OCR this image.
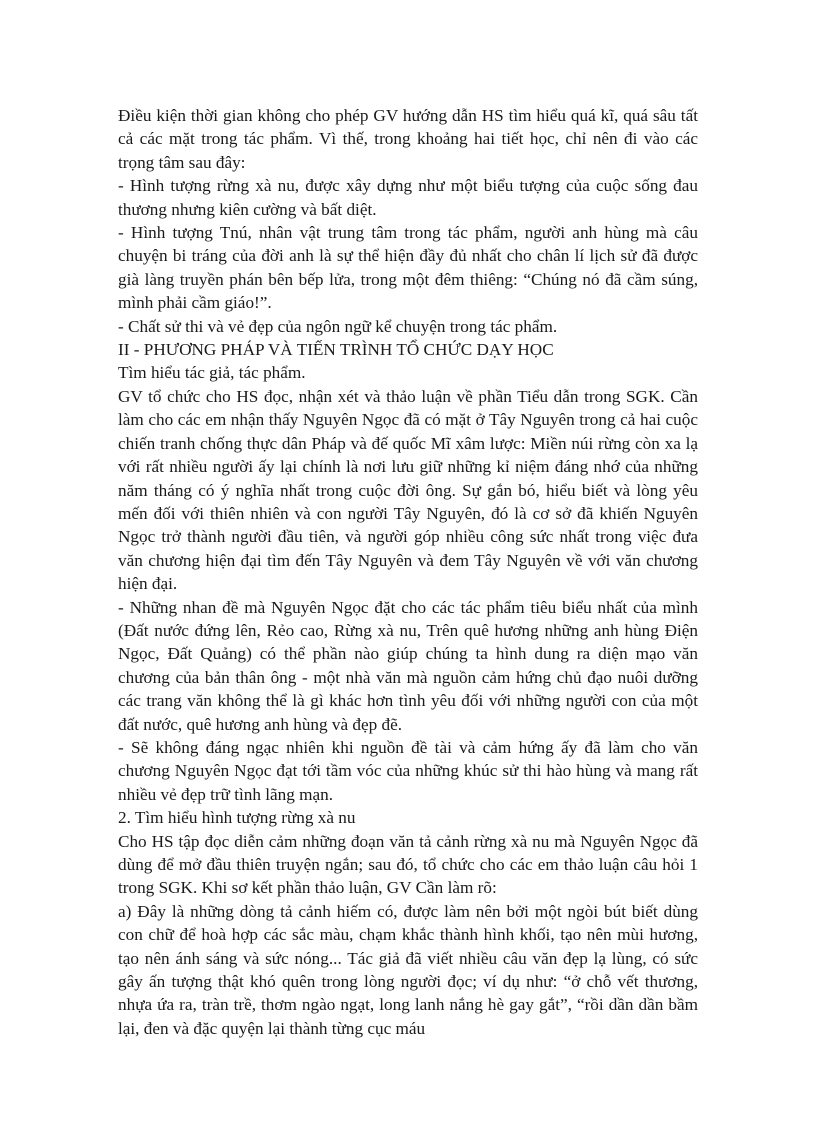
Điều kiện thời gian không cho phép GV hướng dẫn HS tìm hiểu quá kĩ, quá sâu tất cả các mặt trong tác phẩm. Vì thế, trong khoảng hai tiết học, chỉ nên đi vào các trọng tâm sau đây:

- Hình tượng rừng xà nu, được xây dựng như một biểu tượng của cuộc sống đau thương nhưng kiên cường và bất diệt.

- Hình tượng Tnú, nhân vật trung tâm trong tác phẩm, người anh hùng mà câu chuyện bi tráng của đời anh là sự thể hiện đầy đủ nhất cho chân lí lịch sử đã được già làng truyền phán bên bếp lửa, trong một đêm thiêng: “Chúng nó đã cầm súng, mình phải cầm giáo!”.

- Chất sử thi và vẻ đẹp của ngôn ngữ kể chuyện trong tác phẩm.

II - PHƯƠNG PHÁP VÀ TIẾN TRÌNH TỔ CHỨC DẠY HỌC

Tìm hiểu tác giả, tác phẩm.

GV tổ chức cho HS đọc, nhận xét và thảo luận về phần Tiểu dẫn trong SGK. Cần làm cho các em nhận thấy Nguyên Ngọc đã có mặt ở Tây Nguyên trong cả hai cuộc chiến tranh chống thực dân Pháp và đế quốc Mĩ xâm lược: Miền núi rừng còn xa lạ với rất nhiều người ấy lại chính là nơi lưu giữ những kỉ niệm đáng nhớ của những năm tháng có ý nghĩa nhất trong cuộc đời ông. Sự gắn bó, hiểu biết và lòng yêu mến đối với thiên nhiên và con người Tây Nguyên, đó là cơ sở đã khiến Nguyên Ngọc trở thành người đầu tiên, và người góp nhiều công sức nhất trong việc đưa văn chương hiện đại tìm đến Tây Nguyên và đem Tây Nguyên về với văn chương hiện đại.

- Những nhan đề mà Nguyên Ngọc đặt cho các tác phẩm tiêu biểu nhất của mình (Đất nước đứng lên, Rẻo cao, Rừng xà nu, Trên quê hương những anh hùng Điện Ngọc, Đất Quảng) có thể phần nào giúp chúng ta hình dung ra diện mạo văn chương của bản thân ông - một nhà văn mà nguồn cảm hứng chủ đạo nuôi dưỡng các trang văn không thể là gì khác hơn tình yêu đối với những người con của một đất nước, quê hương anh hùng và đẹp đẽ.

- Sẽ không đáng ngạc nhiên khi nguồn đề tài và cảm hứng ấy đã làm cho văn chương Nguyên Ngọc đạt tới tầm vóc của những khúc sử thi hào hùng và mang rất nhiều vẻ đẹp trữ tình lãng mạn.

2. Tìm hiểu hình tượng rừng xà nu

Cho HS tập đọc diễn cảm những đoạn văn tả cảnh rừng xà nu mà Nguyên Ngọc đã dùng để mở đầu thiên truyện ngắn; sau đó, tổ chức cho các em thảo luận câu hỏi 1 trong SGK. Khi sơ kết phần thảo luận, GV Cần làm rõ:

a) Đây là những dòng tả cảnh hiếm có, được làm nên bởi một ngòi bút biết dùng con chữ để hoà hợp các sắc màu, chạm khắc thành hình khối, tạo nên mùi hương, tạo nên ánh sáng và sức nóng... Tác giả đã viết nhiều câu văn đẹp lạ lùng, có sức gây ấn tượng thật khó quên trong lòng người đọc; ví dụ như: “ở chỗ vết thương, nhựa ứa ra, tràn trề, thơm ngào ngạt, long lanh nắng hè gay gắt”, “rồi dần dần bầm lại, đen và đặc quyện lại thành từng cục máu
